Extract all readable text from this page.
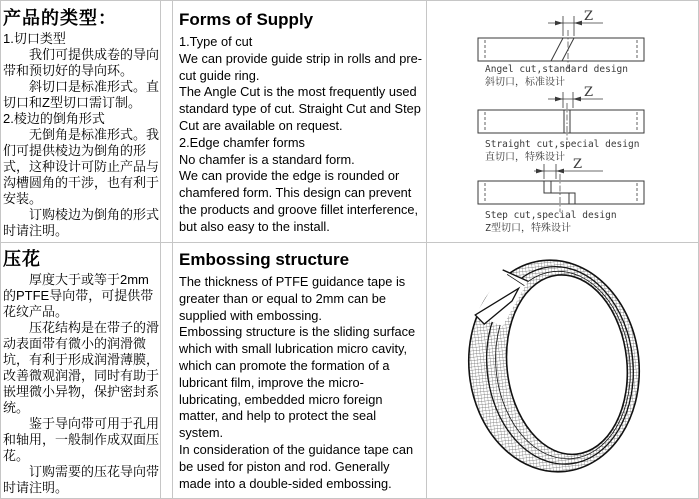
产品的类型：

1.切口类型

　　我们可提供成卷的导向带和预切好的导向环。

　　斜切口是标准形式。直切口和Z型切口需订制。

2.棱边的倒角形式

　　无倒角是标准形式。我们可提供棱边为倒角的形式，这种设计可防止产品与沟槽圆角的干涉，也有利于安装。

　　订购棱边为倒角的形式时请注明。

压花

　　厚度大于或等于2mm的PTFE导向带，可提供带花纹产品。

　　压花结构是在带子的滑动表面带有微小的润滑微坑，有利于形成润滑薄膜，改善微观润滑，同时有助于嵌埋微小异物，保护密封系统。

　　鉴于导向带可用于孔用和轴用，一般制作成双面压花。

　　订购需要的压花导向带时请注明。

Forms of Supply

1.Type of cut

We can provide guide strip in rolls and pre-cut guide ring.

The Angle Cut is the most frequently used standard type of cut. Straight Cut and Step Cut are available on request.

2.Edge chamfer forms

No chamfer is a standard form.

We can provide the edge is rounded or chamfered form. This design can prevent the products and groove fillet interference, but also easy to the install.

Embossing structure

The thickness of PTFE guidance tape is greater than or equal to 2mm can be supplied with embossing.

Embossing structure is the sliding surface which with small lubrication micro cavity, which can promote the formation of a lubricant film, improve the micro-lubricating, embedded micro foreign matter, and help to protect the seal system.

In consideration of the guidance tape can be used for piston and rod. Generally made into a double-sided embossing.

Z
Angel cut,standard design
斜切口，标准设计
Z
Straight cut,special design
直切口，特殊设计 Z
Step cut,special design
Z型切口，特殊设计
